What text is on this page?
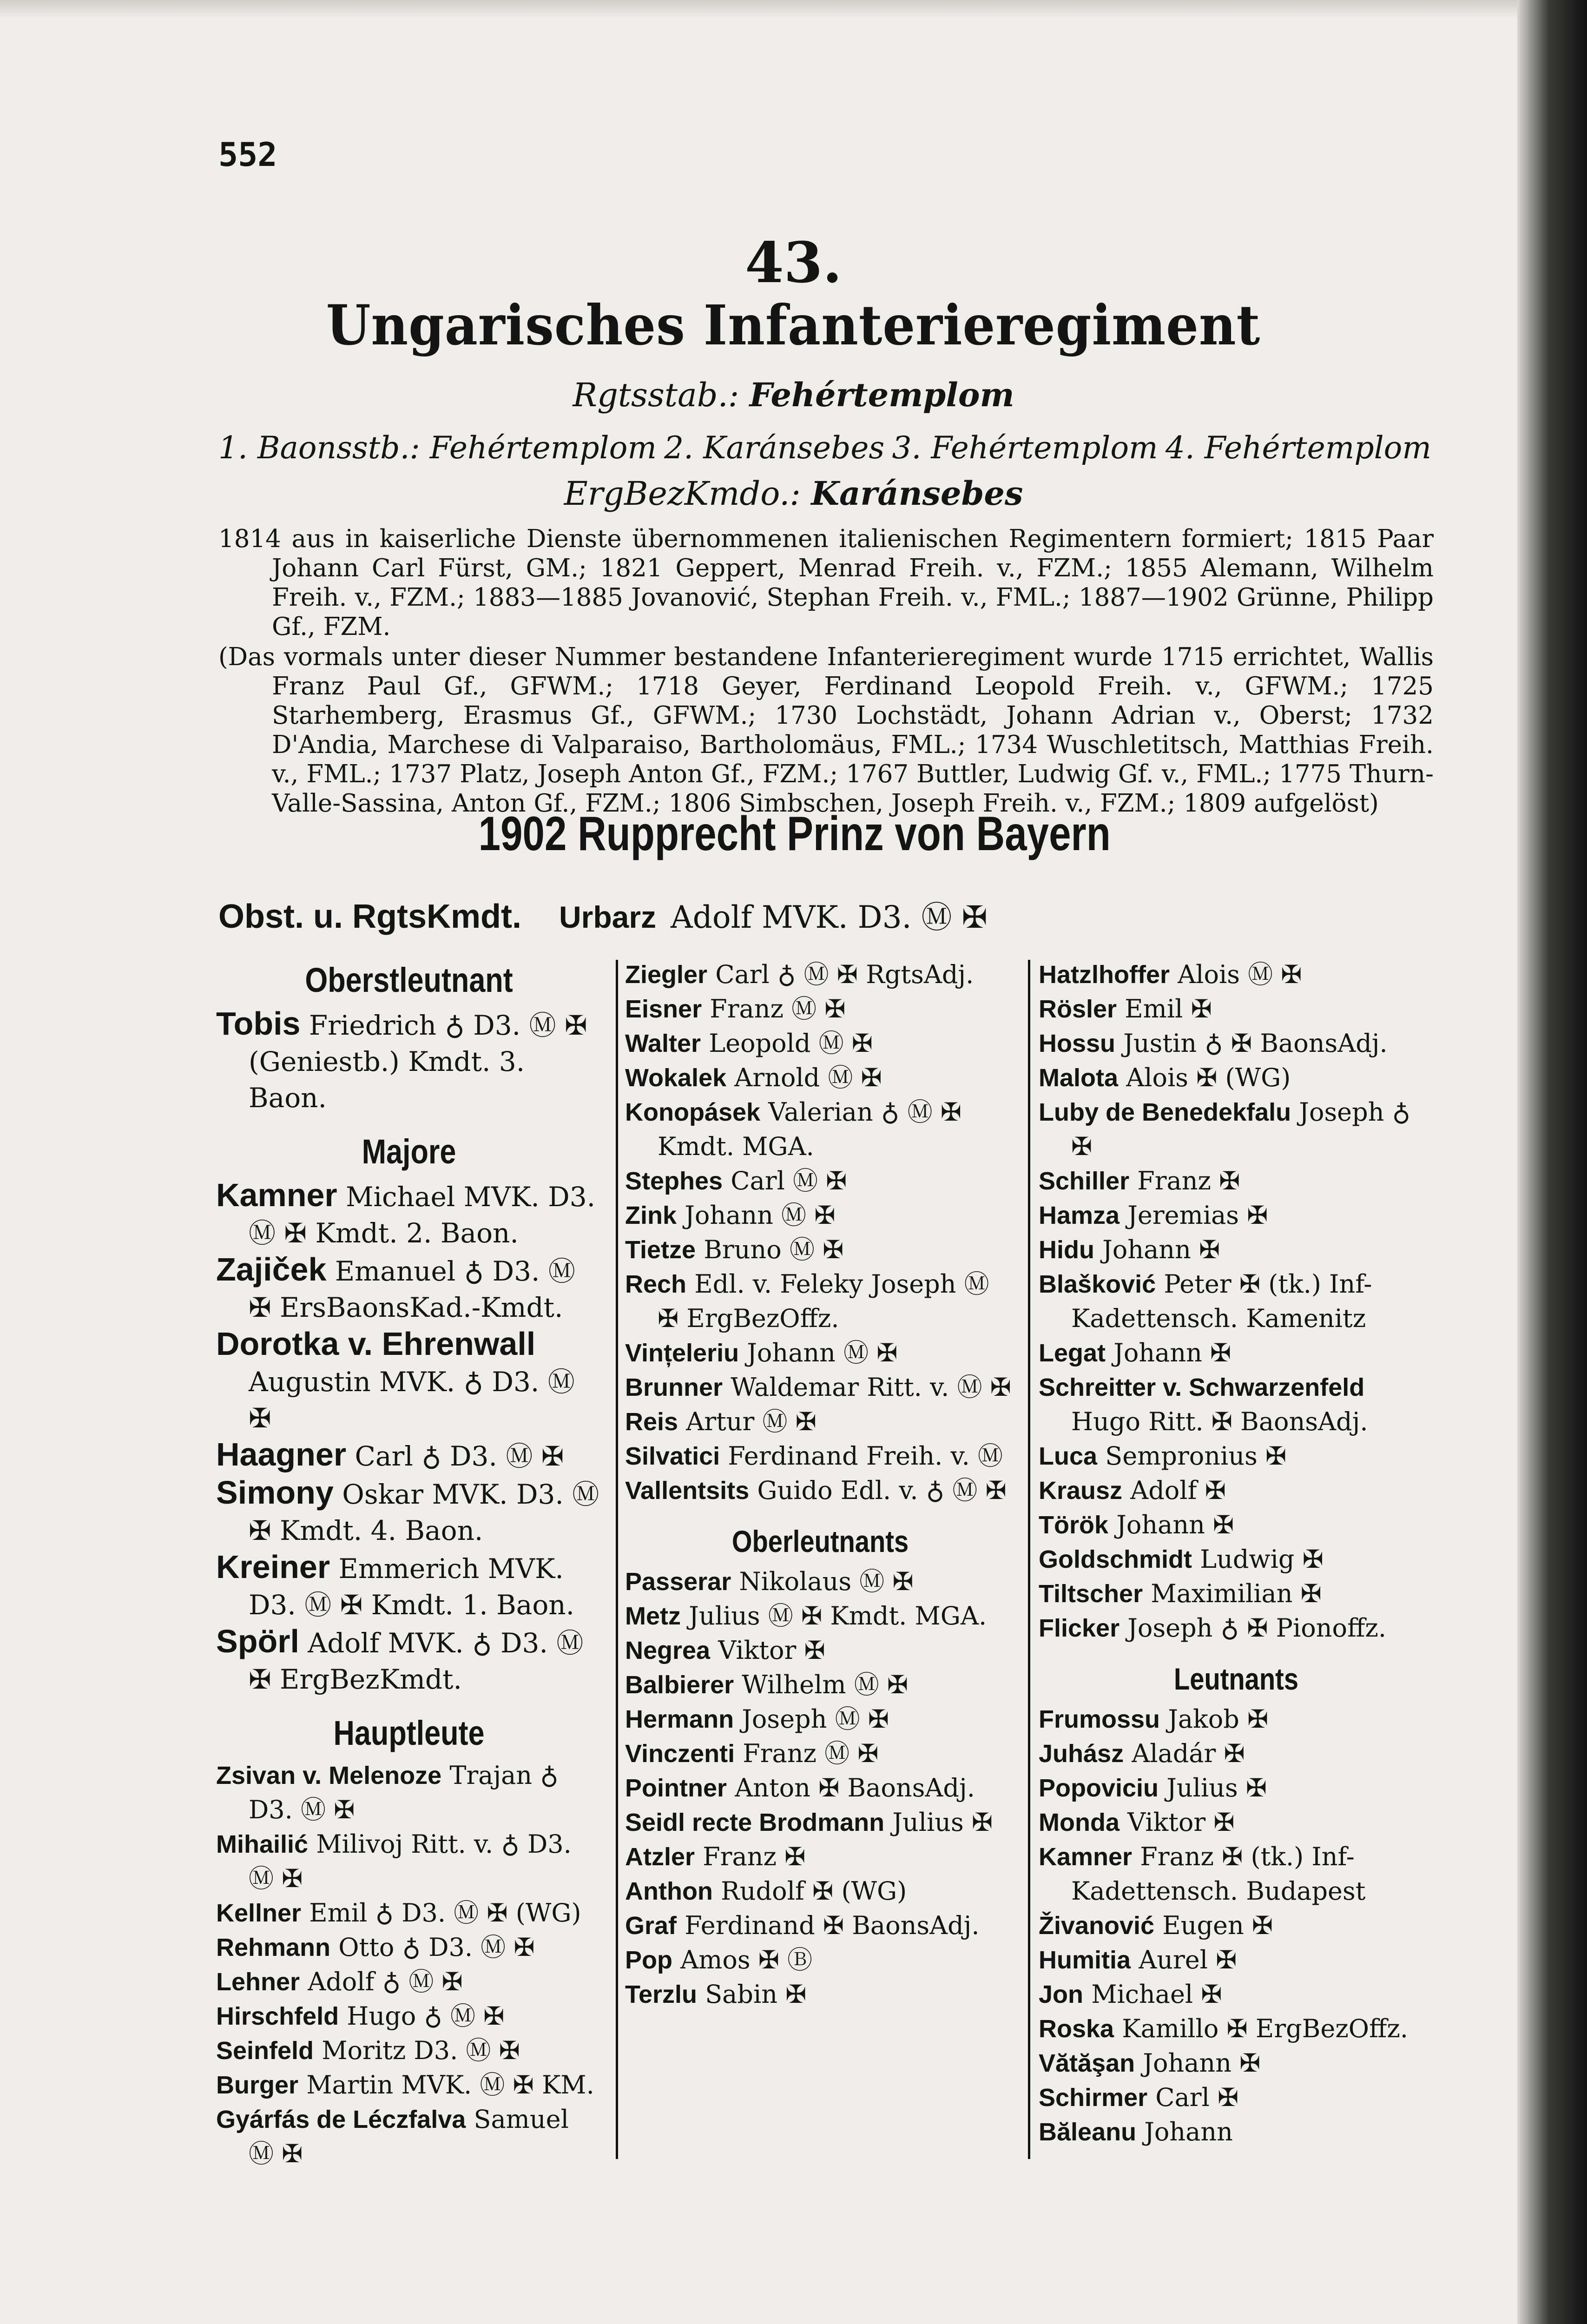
552
43.
Ungarisches Infanterieregiment
Rgtsstab.: Fehértemplom
1. Baonsstb.: Fehértemplom 2. Karánsebes 3. Fehértemplom 4. Fehértemplom
ErgBezKmdo.: Karánsebes

1814 aus in kaiserliche Dienste übernommenen italienischen Regimentern formiert; 1815 Paar Johann Carl Fürst, GM.; 1821 Geppert, Menrad Freih. v., FZM.; 1855 Alemann, Wilhelm Freih. v., FZM.; 1883—1885 Jovanović, Stephan Freih. v., FML.; 1887—1902 Grünne, Philipp Gf., FZM.

(Das vormals unter dieser Nummer bestandene Infanterieregiment wurde 1715 errichtet, Wallis Franz Paul Gf., GFWM.; 1718 Geyer, Ferdinand Leopold Freih. v., GFWM.; 1725 Starhemberg, Erasmus Gf., GFWM.; 1730 Lochstädt, Johann Adrian v., Oberst; 1732 D'Andia, Marchese di Valparaiso, Bartholomäus, FML.; 1734 Wuschletitsch, Matthias Freih. v., FML.; 1737 Platz, Joseph Anton Gf., FZM.; 1767 Buttler, Ludwig Gf. v., FML.; 1775 Thurn-Valle-Sassina, Anton Gf., FZM.; 1806 Simbschen, Joseph Freih. v., FZM.; 1809 aufgelöst)

1902 Rupprecht Prinz von Bayern
Obst. u. RgtsKmdt. Urbarz Adolf MVK. D3. Ⓜ ✠
Oberstleutnant
Tobis Friedrich ♁ D3. Ⓜ ✠ (Geniestb.) Kmdt. 3. Baon.
Majore
Kamner Michael MVK. D3. Ⓜ ✠ Kmdt. 2. Baon.
Zajiček Emanuel ♁ D3. Ⓜ ✠ ErsBaonsKad.-Kmdt.
Dorotka v. Ehrenwall Augustin MVK. ♁ D3. Ⓜ ✠
Haagner Carl ♁ D3. Ⓜ ✠
Simony Oskar MVK. D3. Ⓜ ✠ Kmdt. 4. Baon.
Kreiner Emmerich MVK. D3. Ⓜ ✠ Kmdt. 1. Baon.
Spörl Adolf MVK. ♁ D3. Ⓜ ✠ ErgBezKmdt.
Hauptleute
Zsivan v. Melenoze Trajan ♁ D3. Ⓜ ✠
Mihailić Milivoj Ritt. v. ♁ D3. Ⓜ ✠
Kellner Emil ♁ D3. Ⓜ ✠ (WG)
Rehmann Otto ♁ D3. Ⓜ ✠
Lehner Adolf ♁ Ⓜ ✠
Hirschfeld Hugo ♁ Ⓜ ✠
Seinfeld Moritz D3. Ⓜ ✠
Burger Martin MVK. Ⓜ ✠ KM.
Gyárfás de Léczfalva Samuel Ⓜ ✠
Ziegler Carl ♁ Ⓜ ✠ RgtsAdj.
Eisner Franz Ⓜ ✠
Walter Leopold Ⓜ ✠
Wokalek Arnold Ⓜ ✠
Konopásek Valerian ♁ Ⓜ ✠ Kmdt. MGA.
Stephes Carl Ⓜ ✠
Zink Johann Ⓜ ✠
Tietze Bruno Ⓜ ✠
Rech Edl. v. Feleky Joseph Ⓜ ✠ ErgBezOffz.
Vințeleriu Johann Ⓜ ✠
Brunner Waldemar Ritt. v. Ⓜ ✠
Reis Artur Ⓜ ✠
Silvatici Ferdinand Freih. v. Ⓜ
Vallentsits Guido Edl. v. ♁ Ⓜ ✠
Oberleutnants
Passerar Nikolaus Ⓜ ✠
Metz Julius Ⓜ ✠ Kmdt. MGA.
Negrea Viktor ✠
Balbierer Wilhelm Ⓜ ✠
Hermann Joseph Ⓜ ✠
Vinczenti Franz Ⓜ ✠
Pointner Anton ✠ BaonsAdj.
Seidl recte Brodmann Julius ✠
Atzler Franz ✠
Anthon Rudolf ✠ (WG)
Graf Ferdinand ✠ BaonsAdj.
Pop Amos ✠ Ⓑ
Terzlu Sabin ✠
Hatzlhoffer Alois Ⓜ ✠
Rösler Emil ✠
Hossu Justin ♁ ✠ BaonsAdj.
Malota Alois ✠ (WG)
Luby de Benedekfalu Joseph ♁ ✠
Schiller Franz ✠
Hamza Jeremias ✠
Hidu Johann ✠
Blašković Peter ✠ (tk.) Inf-Kadettensch. Kamenitz
Legat Johann ✠
Schreitter v. Schwarzenfeld Hugo Ritt. ✠ BaonsAdj.
Luca Sempronius ✠
Krausz Adolf ✠
Török Johann ✠
Goldschmidt Ludwig ✠
Tiltscher Maximilian ✠
Flicker Joseph ♁ ✠ Pionoffz.
Leutnants
Frumossu Jakob ✠
Juhász Aladár ✠
Popoviciu Julius ✠
Monda Viktor ✠
Kamner Franz ✠ (tk.) Inf-Kadettensch. Budapest
Živanović Eugen ✠
Humitia Aurel ✠
Jon Michael ✠
Roska Kamillo ✠ ErgBezOffz.
Vătăşan Johann ✠
Schirmer Carl ✠
Băleanu Johann
